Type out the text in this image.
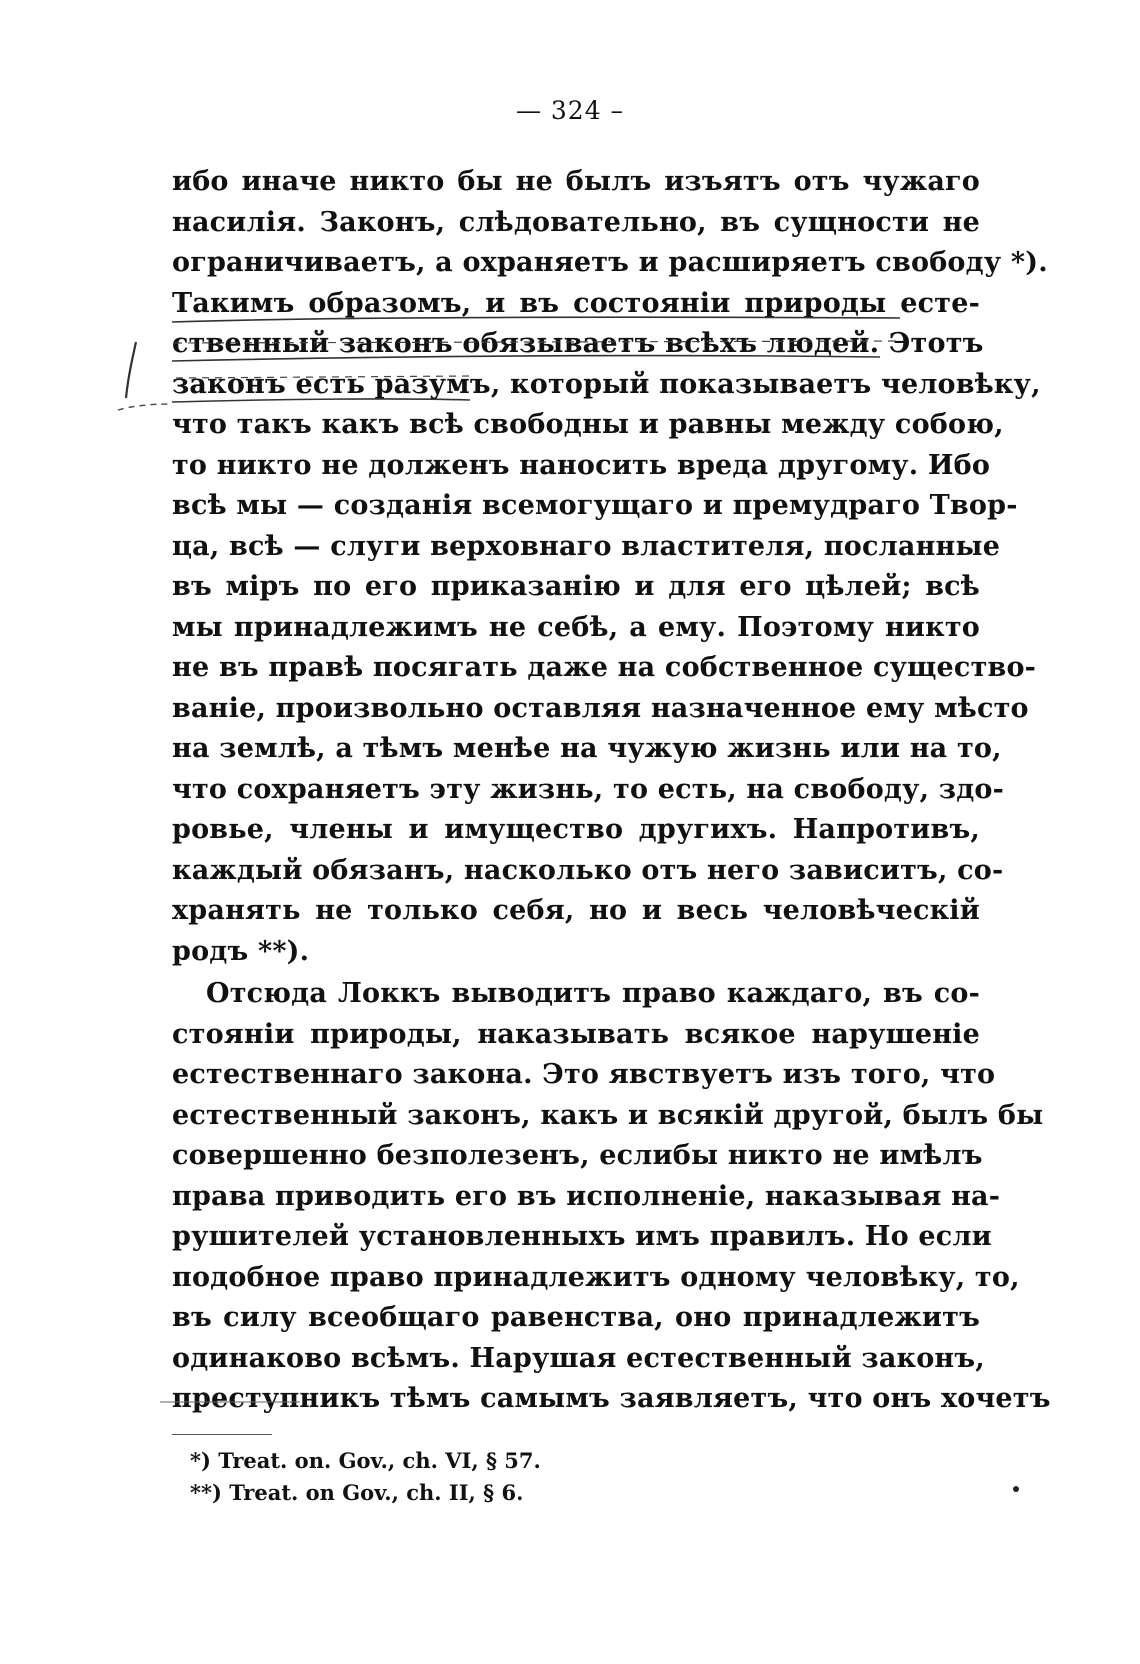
— 324 –
ибо иначе никто бы не былъ изъятъ отъ чужаго
насилія. Законъ, слѣдовательно, въ сущности не
ограничиваетъ, а охраняетъ и расширяетъ свободу *).
Такимъ образомъ, и въ состояніи природы есте-
ственный законъ обязываетъ всѣхъ людей. Этотъ
законъ есть разумъ, который показываетъ человѣку,
что такъ какъ всѣ свободны и равны между собою,
то никто не долженъ наносить вреда другому. Ибо
всѣ мы — созданія всемогущаго и премудраго Твор-
ца, всѣ — слуги верховнаго властителя, посланные
въ міръ по его приказанію и для его цѣлей; всѣ
мы принадлежимъ не себѣ, а ему. Поэтому никто
не въ правѣ посягать даже на собственное существо-
ваніе, произвольно оставляя назначенное ему мѣсто
на землѣ, а тѣмъ менѣе на чужую жизнь или на то,
что сохраняетъ эту жизнь, то есть, на свободу, здо-
ровье, члены и имущество другихъ. Напротивъ,
каждый обязанъ, насколько отъ него зависитъ, со-
хранять не только себя, но и весь человѣческій
родъ **).
Отсюда Локкъ выводитъ право каждаго, въ со-
стояніи природы, наказывать всякое нарушеніе
естественнаго закона. Это явствуетъ изъ того, что
естественный законъ, какъ и всякій другой, былъ бы
совершенно безполезенъ, еслибы никто не имѣлъ
права приводить его въ исполненіе, наказывая на-
рушителей установленныхъ имъ правилъ. Но если
подобное право принадлежитъ одному человѣку, то,
въ силу всеобщаго равенства, оно принадлежитъ
одинаково всѣмъ. Нарушая естественный законъ,
преступникъ тѣмъ самымъ заявляетъ, что онъ хочетъ
*) Treat. on. Gov., ch. VI, § 57.
**) Treat. on Gov., ch. II, § 6.
